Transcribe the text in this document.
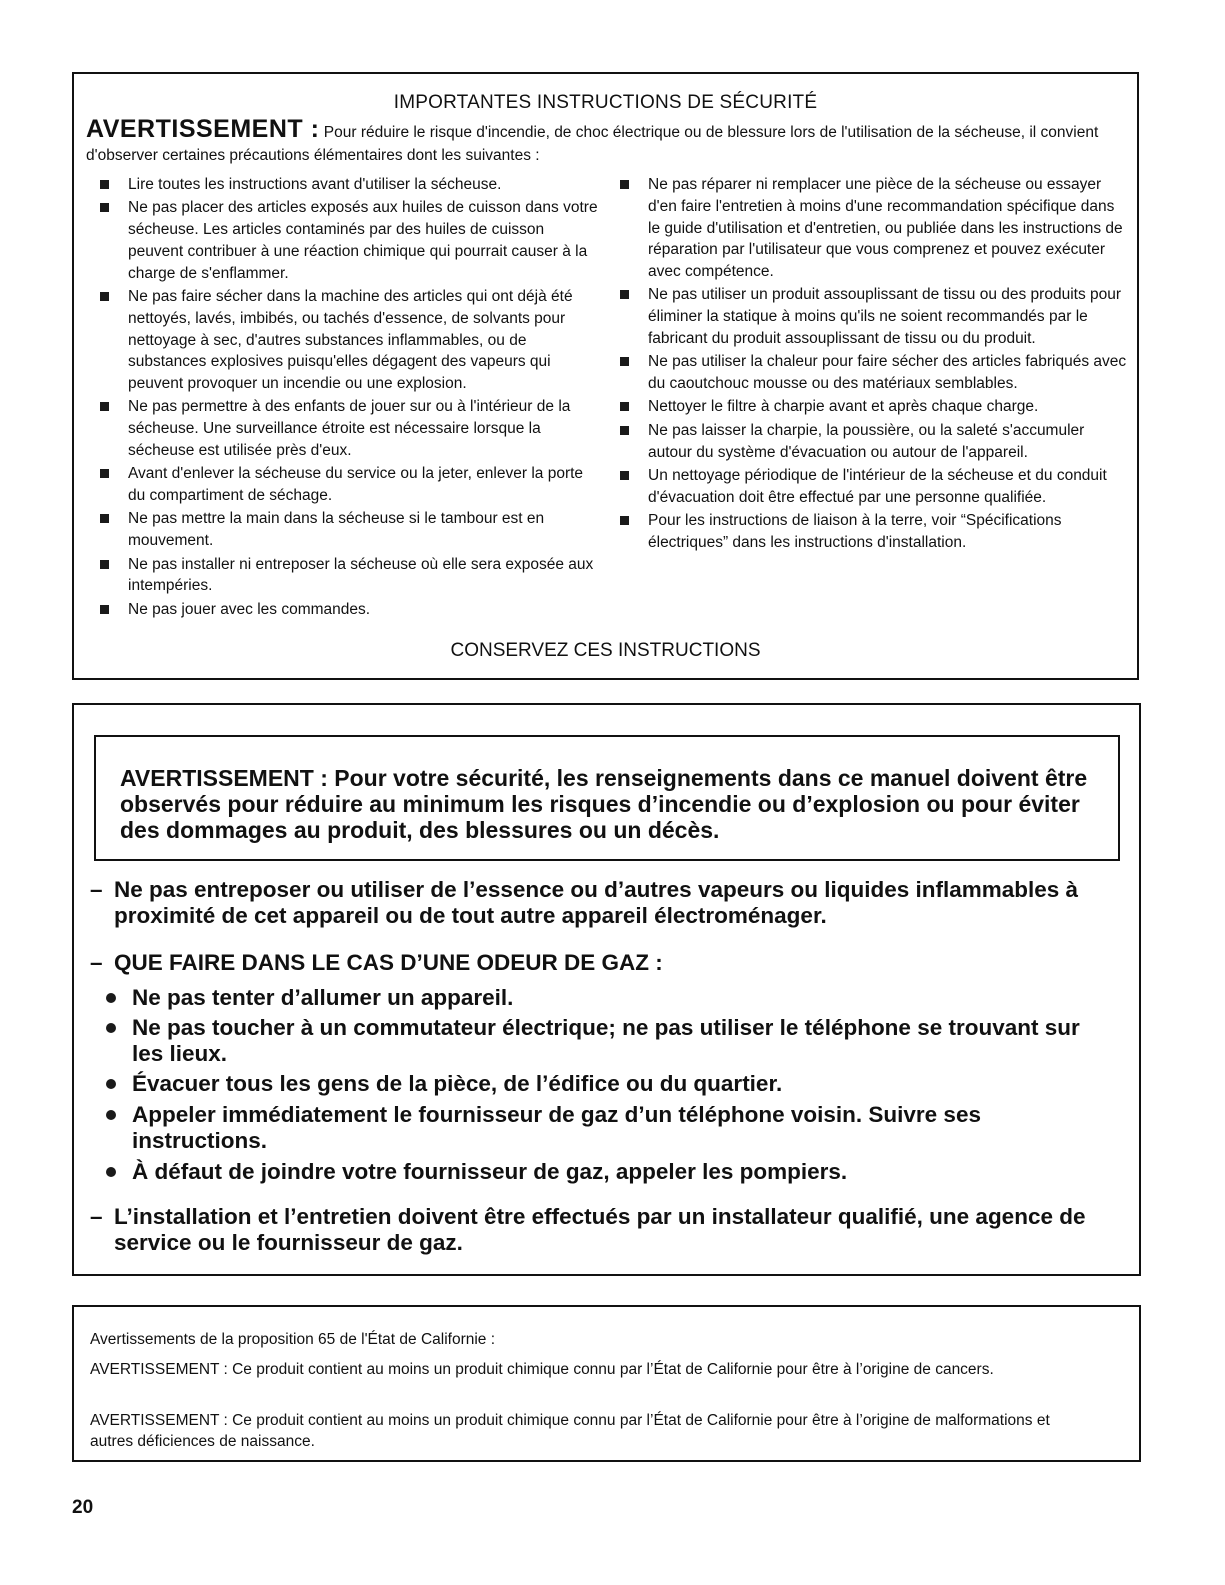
IMPORTANTES INSTRUCTIONS DE SÉCURITÉ
AVERTISSEMENT : Pour réduire le risque d'incendie, de choc électrique ou de blessure lors de l'utilisation de la sécheuse, il convient d'observer certaines précautions élémentaires dont les suivantes :
Lire toutes les instructions avant d'utiliser la sécheuse.
Ne pas placer des articles exposés aux huiles de cuisson dans votre sécheuse. Les articles contaminés par des huiles de cuisson peuvent contribuer à une réaction chimique qui pourrait causer à la charge de s'enflammer.
Ne pas faire sécher dans la machine des articles qui ont déjà été nettoyés, lavés, imbibés, ou tachés d'essence, de solvants pour nettoyage à sec, d'autres substances inflammables, ou de substances explosives puisqu'elles dégagent des vapeurs qui peuvent provoquer un incendie ou une explosion.
Ne pas permettre à des enfants de jouer sur ou à l'intérieur de la sécheuse. Une surveillance étroite est nécessaire lorsque la sécheuse est utilisée près d'eux.
Avant d'enlever la sécheuse du service ou la jeter, enlever la porte du compartiment de séchage.
Ne pas mettre la main dans la sécheuse si le tambour est en mouvement.
Ne pas installer ni entreposer la sécheuse où elle sera exposée aux intempéries.
Ne pas jouer avec les commandes.
Ne pas réparer ni remplacer une pièce de la sécheuse ou essayer d'en faire l'entretien à moins d'une recommandation spécifique dans le guide d'utilisation et d'entretien, ou publiée dans les instructions de réparation par l'utilisateur que vous comprenez et pouvez exécuter avec compétence.
Ne pas utiliser un produit assouplissant de tissu ou des produits pour éliminer la statique à moins qu'ils ne soient recommandés par le fabricant du produit assouplissant de tissu ou du produit.
Ne pas utiliser la chaleur pour faire sécher des articles fabriqués avec du caoutchouc mousse ou des matériaux semblables.
Nettoyer le filtre à charpie avant et après chaque charge.
Ne pas laisser la charpie, la poussière, ou la saleté s'accumuler autour du système d'évacuation ou autour de l'appareil.
Un nettoyage périodique de l'intérieur de la sécheuse et du conduit d'évacuation doit être effectué par une personne qualifiée.
Pour les instructions de liaison à la terre, voir “Spécifications électriques” dans les instructions d'installation.
CONSERVEZ CES INSTRUCTIONS
AVERTISSEMENT : Pour votre sécurité, les renseignements dans ce manuel doivent être observés pour réduire au minimum les risques d’incendie ou d’explosion ou pour éviter des dommages au produit, des blessures ou un décès.
– Ne pas entreposer ou utiliser de l’essence ou d’autres vapeurs ou liquides inflammables à proximité de cet appareil ou de tout autre appareil électroménager.
– QUE FAIRE DANS LE CAS D’UNE ODEUR DE GAZ :
Ne pas tenter d’allumer un appareil.
Ne pas toucher à un commutateur électrique; ne pas utiliser le téléphone se trouvant sur les lieux.
Évacuer tous les gens de la pièce, de l’édifice ou du quartier.
Appeler immédiatement le fournisseur de gaz d’un téléphone voisin. Suivre ses instructions.
À défaut de joindre votre fournisseur de gaz, appeler les pompiers.
– L’installation et l’entretien doivent être effectués par un installateur qualifié, une agence de service ou le fournisseur de gaz.
Avertissements de la proposition 65 de l'État de Californie :
AVERTISSEMENT : Ce produit contient au moins un produit chimique connu par l’État de Californie pour être à l’origine de cancers.
AVERTISSEMENT : Ce produit contient au moins un produit chimique connu par l’État de Californie pour être à l’origine de malformations et autres déficiences de naissance.
20
